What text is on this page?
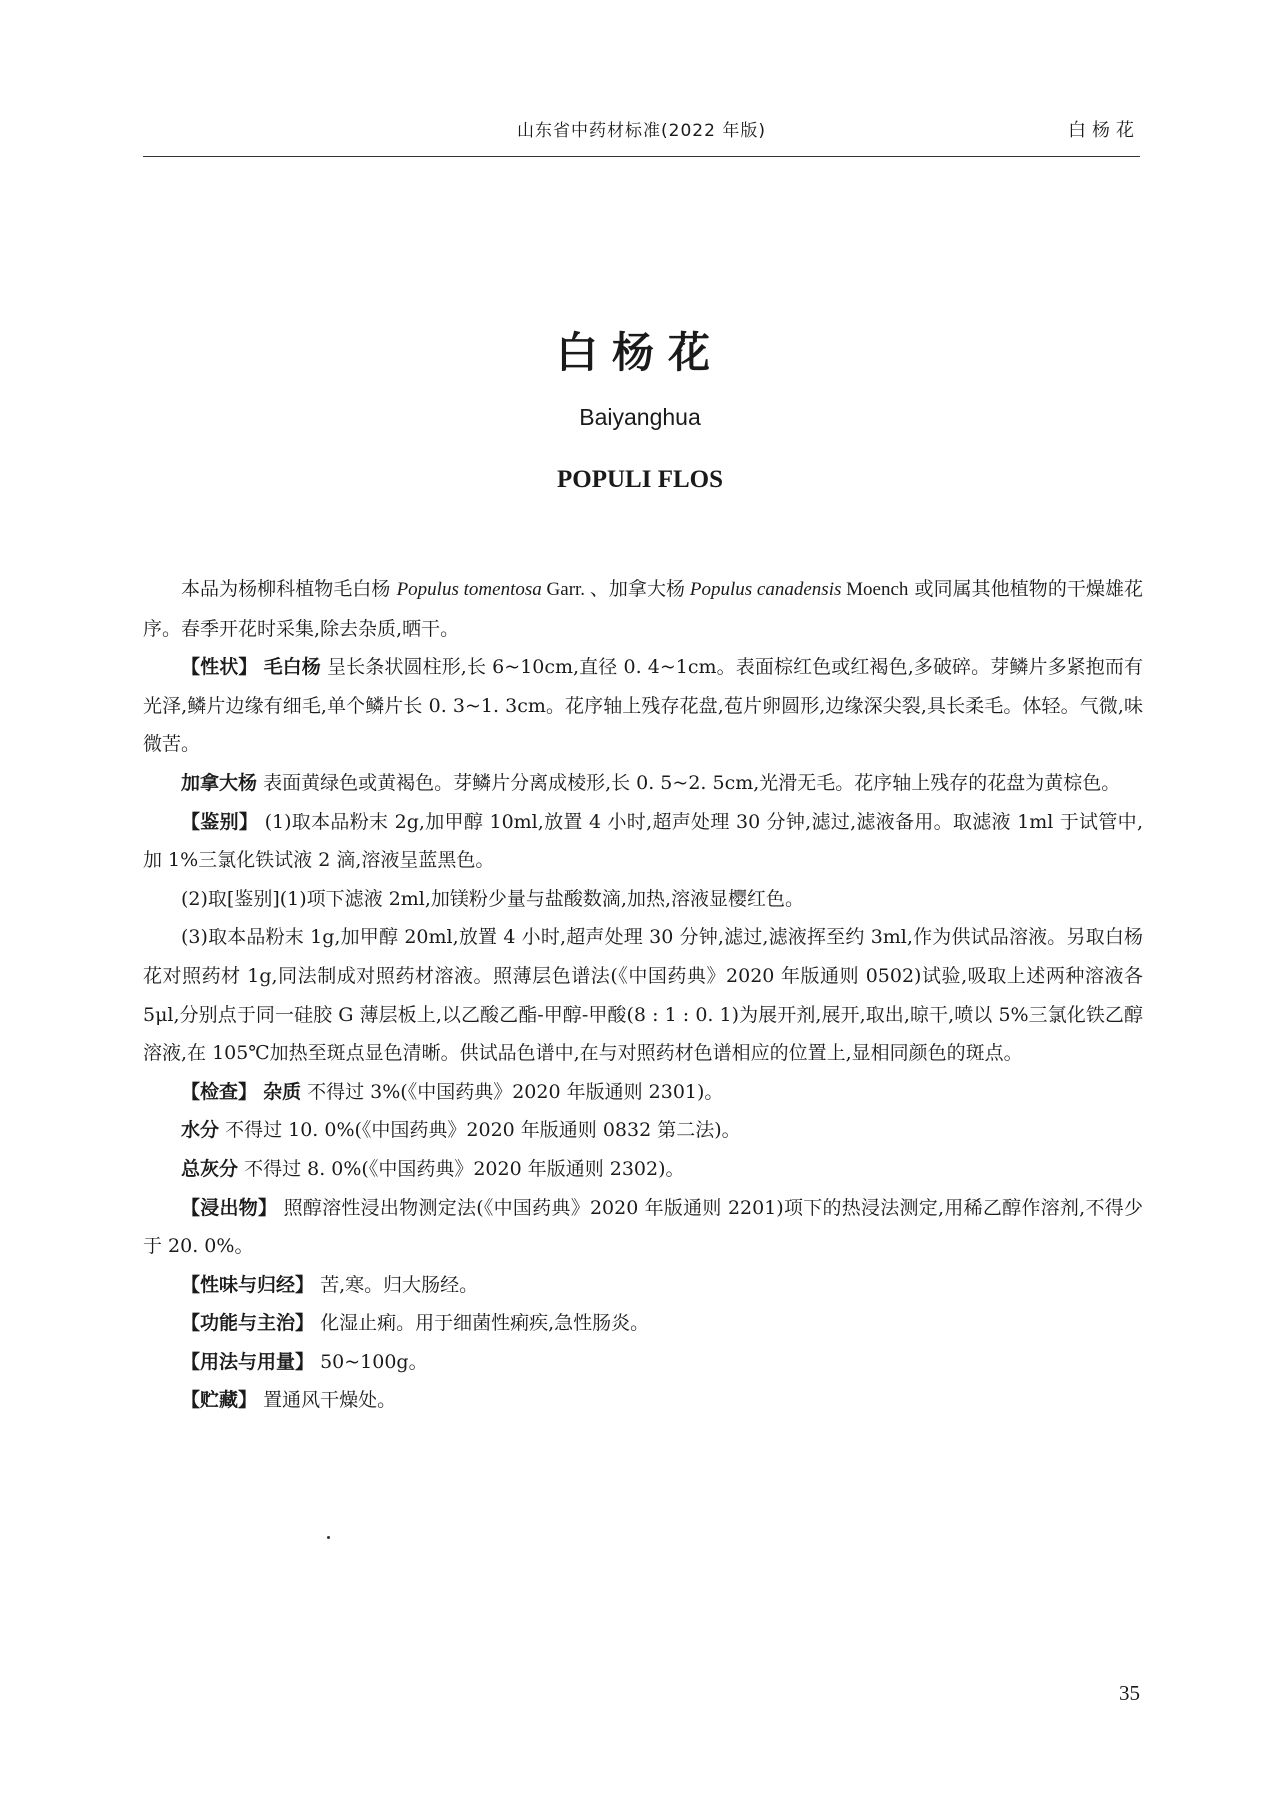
山东省中药材标准(2022 年版)	白杨花
白杨花
Baiyanghua
POPULI FLOS

本品为杨柳科植物毛白杨 Populus tomentosa Garr. 、加拿大杨 Populus canadensis Moench 或同属其他植物的干燥雄花序。春季开花时采集,除去杂质,晒干。

【性状】 毛白杨 呈长条状圆柱形,长 6~10cm,直径 0. 4~1cm。表面棕红色或红褐色,多破碎。芽鳞片多紧抱而有光泽,鳞片边缘有细毛,单个鳞片长 0. 3~1. 3cm。花序轴上残存花盘,苞片卵圆形,边缘深尖裂,具长柔毛。体轻。气微,味微苦。

加拿大杨 表面黄绿色或黄褐色。芽鳞片分离成棱形,长 0. 5~2. 5cm,光滑无毛。花序轴上残存的花盘为黄棕色。

【鉴别】 (1)取本品粉末 2g,加甲醇 10ml,放置 4 小时,超声处理 30 分钟,滤过,滤液备用。取滤液 1ml 于试管中,加 1%三氯化铁试液 2 滴,溶液呈蓝黑色。

(2)取[鉴别](1)项下滤液 2ml,加镁粉少量与盐酸数滴,加热,溶液显樱红色。

(3)取本品粉末 1g,加甲醇 20ml,放置 4 小时,超声处理 30 分钟,滤过,滤液挥至约 3ml,作为供试品溶液。另取白杨花对照药材 1g,同法制成对照药材溶液。照薄层色谱法(《中国药典》2020 年版通则 0502)试验,吸取上述两种溶液各 5μl,分别点于同一硅胶 G 薄层板上,以乙酸乙酯-甲醇-甲酸(8 : 1 : 0. 1)为展开剂,展开,取出,晾干,喷以 5%三氯化铁乙醇溶液,在 105℃加热至斑点显色清晰。供试品色谱中,在与对照药材色谱相应的位置上,显相同颜色的斑点。

【检查】 杂质 不得过 3%(《中国药典》2020 年版通则 2301)。

水分 不得过 10. 0%(《中国药典》2020 年版通则 0832 第二法)。

总灰分 不得过 8. 0%(《中国药典》2020 年版通则 2302)。

【浸出物】 照醇溶性浸出物测定法(《中国药典》2020 年版通则 2201)项下的热浸法测定,用稀乙醇作溶剂,不得少于 20. 0%。

【性味与归经】 苦,寒。归大肠经。

【功能与主治】 化湿止痢。用于细菌性痢疾,急性肠炎。

【用法与用量】 50~100g。

【贮藏】 置通风干燥处。

35
